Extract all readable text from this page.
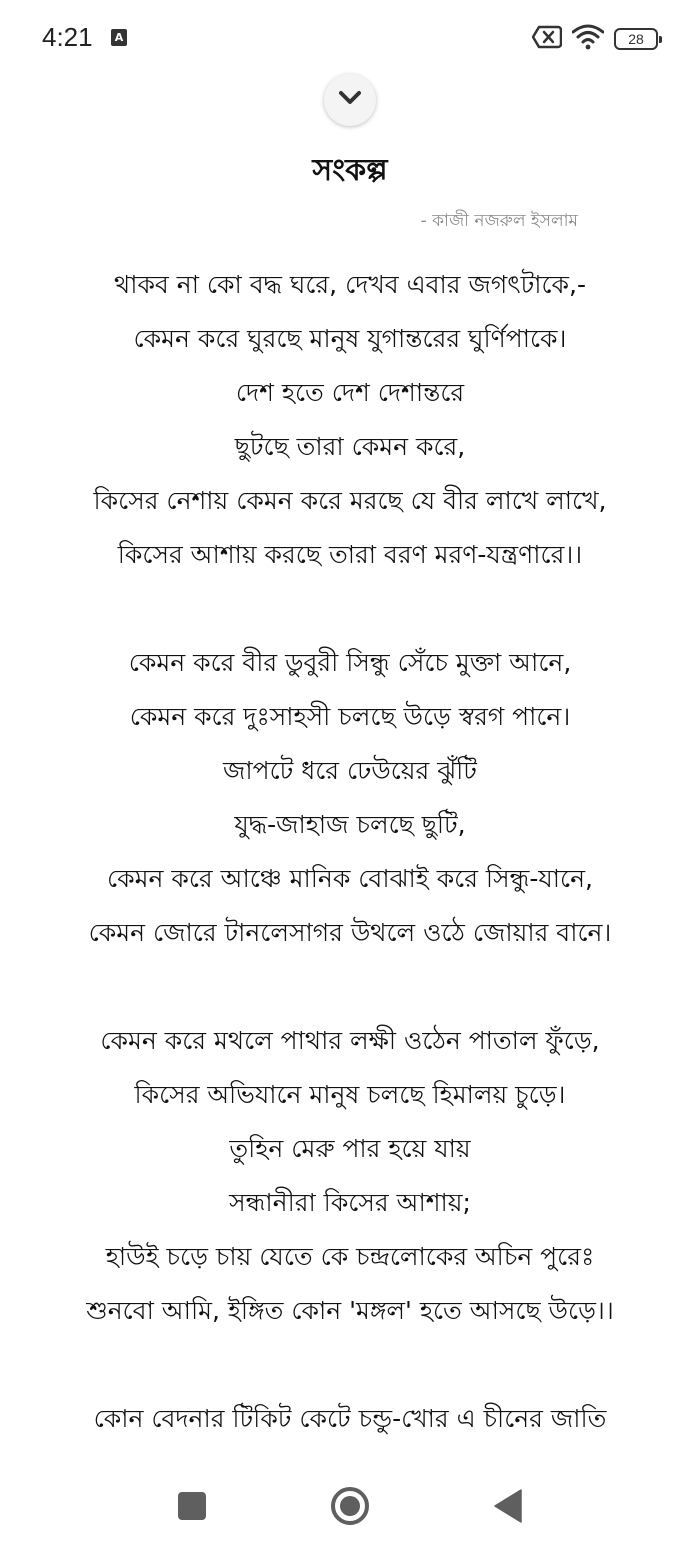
4:21	A	28
সংকল্প
- কাজী নজরুল ইসলাম
থাকব না কো বদ্ধ ঘরে, দেখব এবার জগৎটাকে,-
কেমন করে ঘুরছে মানুষ যুগান্তরের ঘুর্ণিপাকে।
দেশ হতে দেশ দেশান্তরে
ছুটছে তারা কেমন করে,
কিসের নেশায় কেমন করে মরছে যে বীর লাখে লাখে,
কিসের আশায় করছে তারা বরণ মরণ-যন্ত্রণারে।।
কেমন করে বীর ডুবুরী সিন্ধু সেঁচে মুক্তা আনে,
কেমন করে দুঃসাহসী চলছে উড়ে স্বরগ পানে।
জাপটে ধরে ঢেউয়ের ঝুঁটি
যুদ্ধ-জাহাজ চলছে ছুটি,
কেমন করে আঞ্চে মানিক বোঝাই করে সিন্ধু-যানে,
কেমন জোরে টানলেসাগর উথলে ওঠে জোয়ার বানে।
কেমন করে মথলে পাথার লক্ষী ওঠেন পাতাল ফুঁড়ে,
কিসের অভিযানে মানুষ চলছে হিমালয় চুড়ে।
তুহিন মেরু পার হয়ে যায়
সন্ধানীরা কিসের আশায়;
হাউই চড়ে চায় যেতে কে চন্দ্রলোকের অচিন পুরেঃ
শুনবো আমি, ইঙ্গিত কোন 'মঙ্গল' হতে আসছে উড়ে।।
কোন বেদনার টিকিট কেটে চন্ডু-খোর এ চীনের জাতি
